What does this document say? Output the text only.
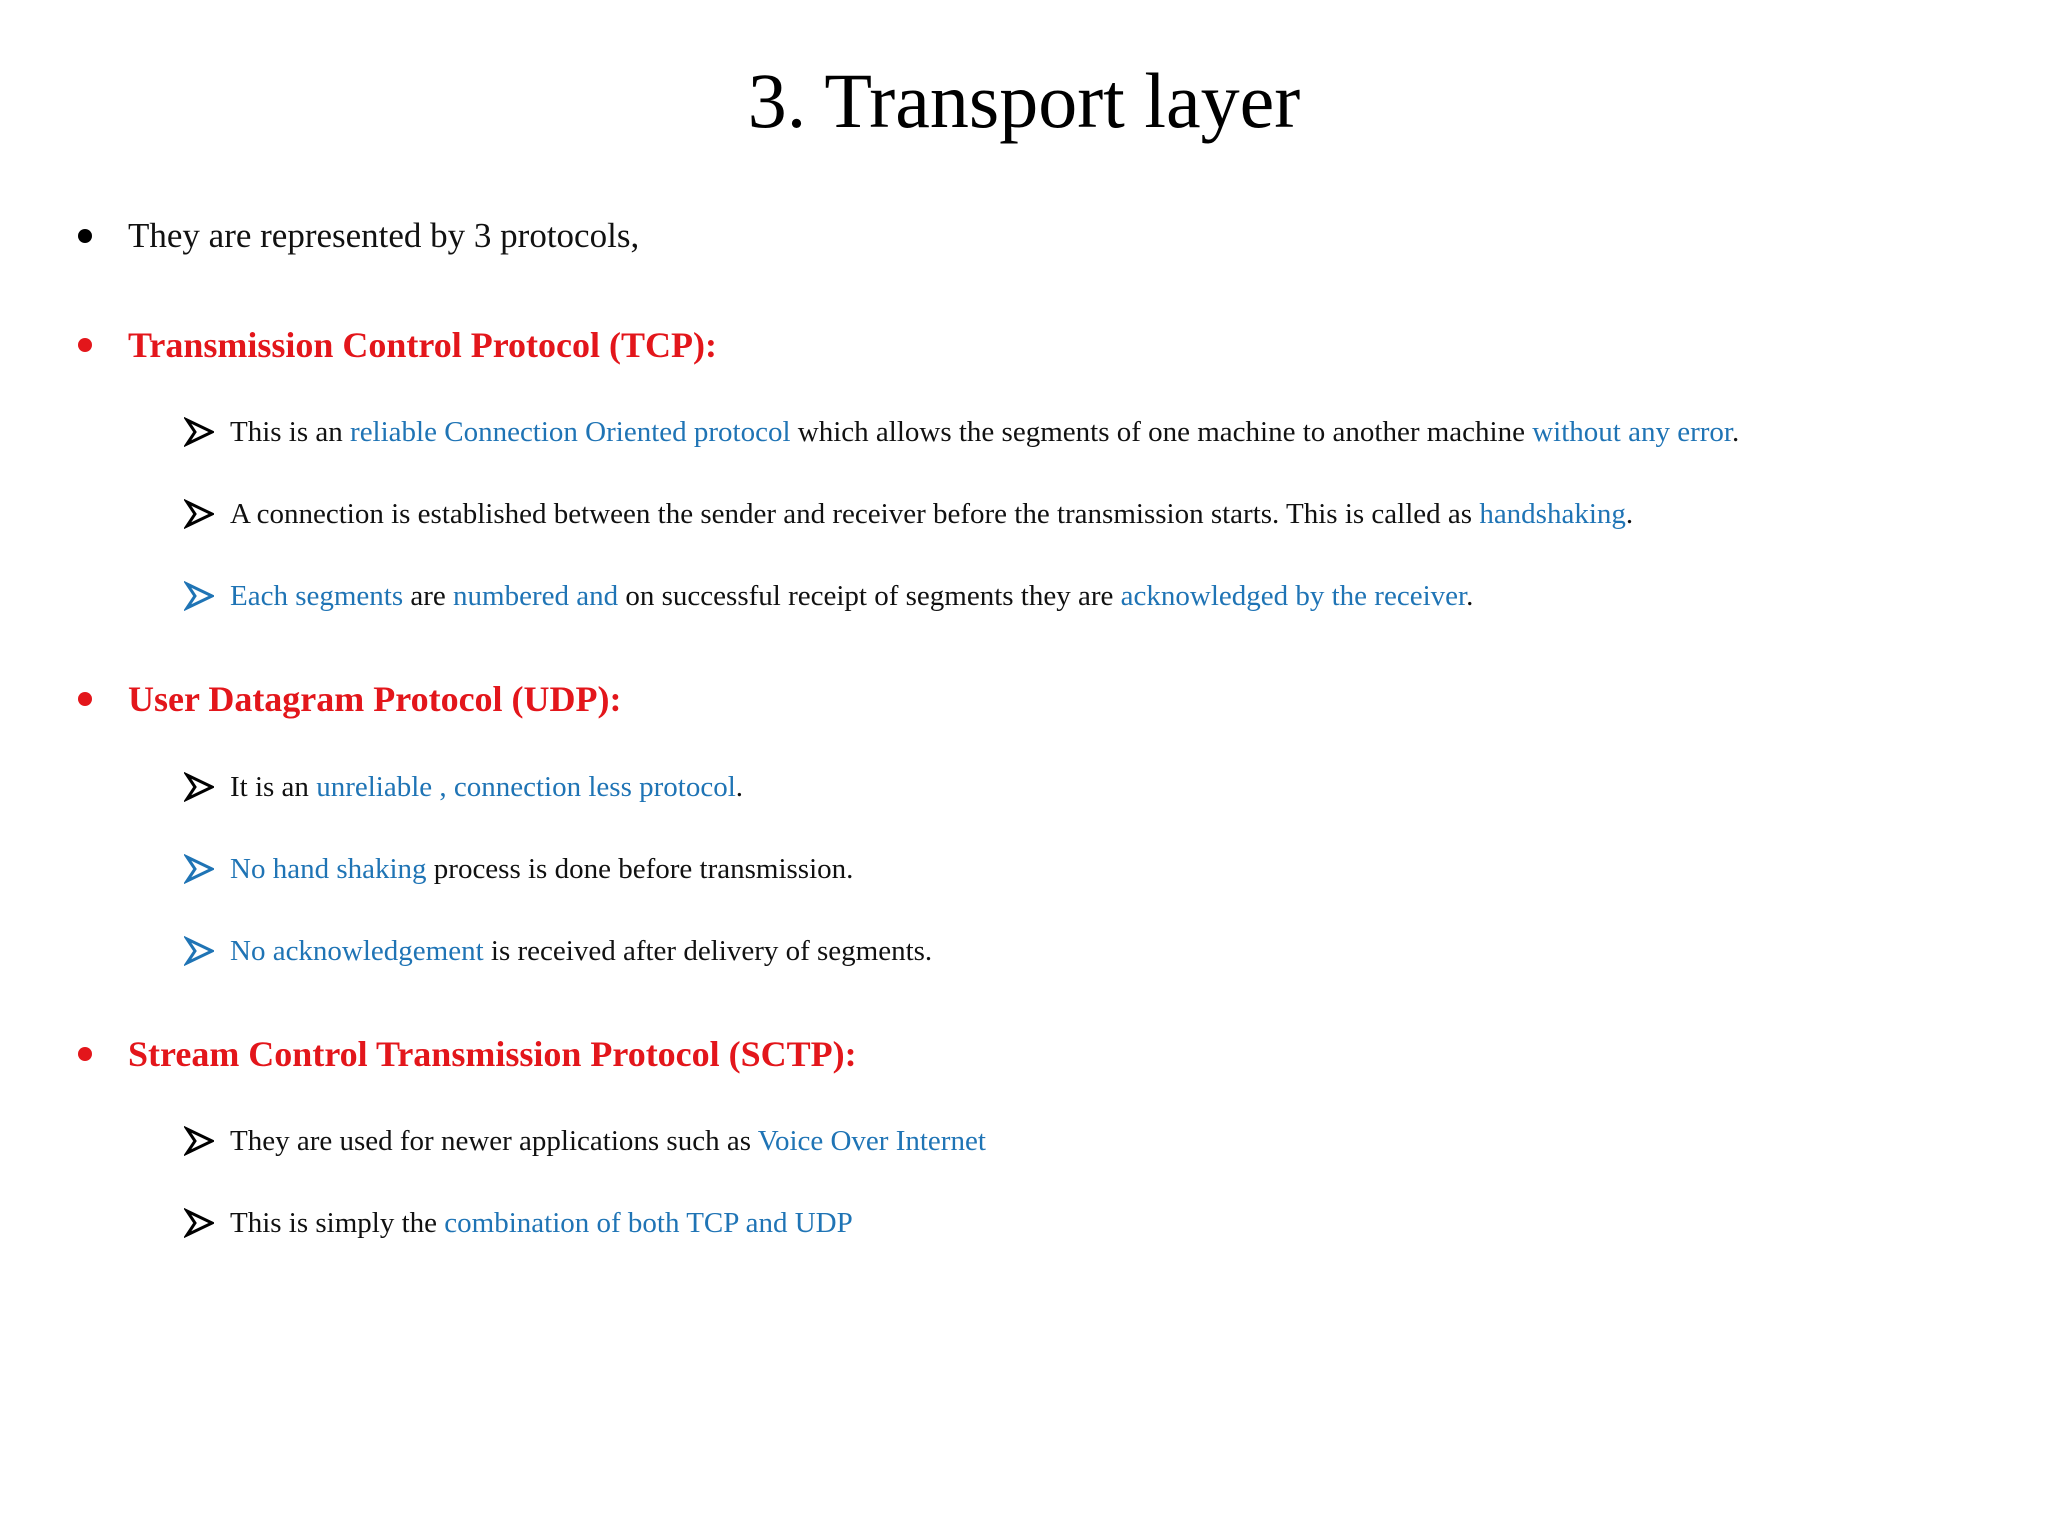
3. Transport layer
They are represented by 3 protocols,
Transmission Control Protocol (TCP):
This is an reliable Connection Oriented protocol which allows the segments of one machine to another machine without any error.
A connection is established between the sender and receiver before the transmission starts. This is called as handshaking.
Each segments are numbered and on successful receipt of segments they are acknowledged by the receiver.
User Datagram Protocol (UDP):
It is an unreliable , connection less protocol.
No hand shaking process is done before transmission.
No acknowledgement is received after delivery of segments.
Stream Control Transmission Protocol (SCTP):
They are used for newer applications such as Voice Over Internet
This is simply the combination of both TCP and UDP
